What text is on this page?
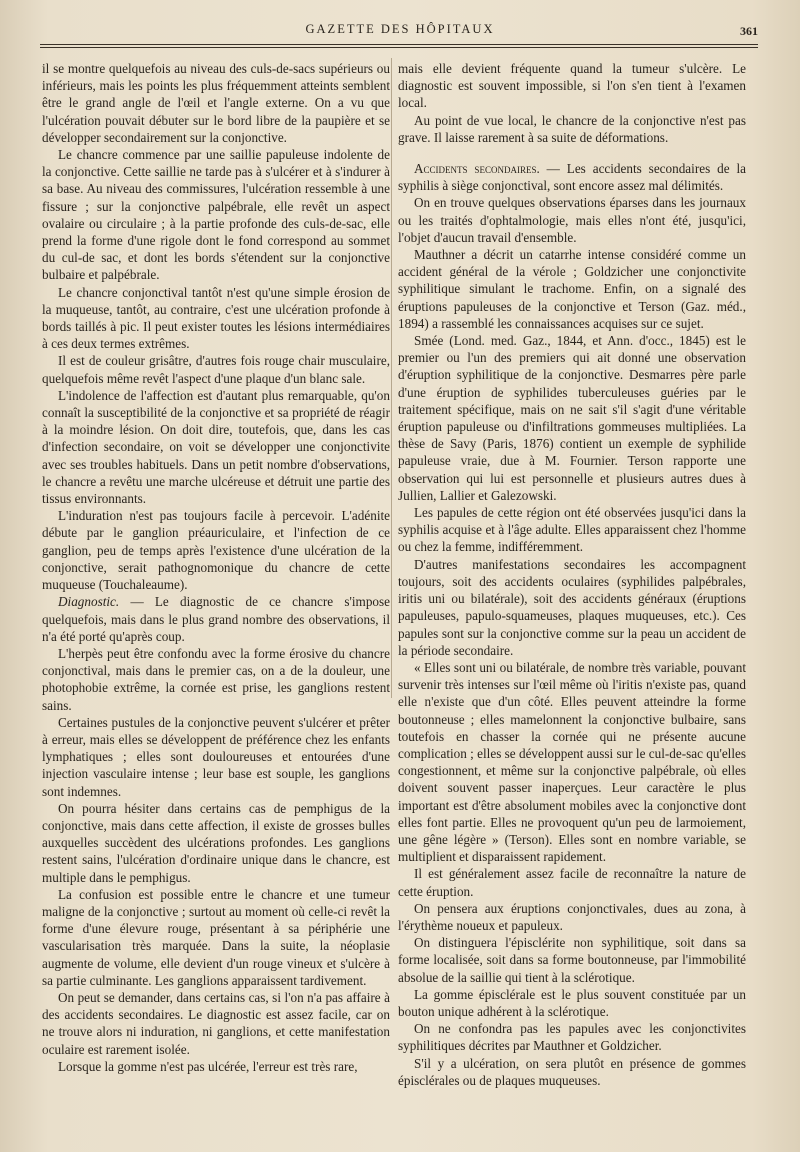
GAZETTE DES HÔPITAUX	361

il se montre quelquefois au niveau des culs-de-sacs supérieurs ou inférieurs, mais les points les plus fréquemment atteints semblent être le grand angle de l'œil et l'angle externe. On a vu que l'ulcération pouvait débuter sur le bord libre de la paupière et se développer secondairement sur la conjonctive.

Le chancre commence par une saillie papuleuse indolente de la conjonctive. Cette saillie ne tarde pas à s'ulcérer et à s'indurer à sa base. Au niveau des commissures, l'ulcération ressemble à une fissure ; sur la conjonctive palpébrale, elle revêt un aspect ovalaire ou circulaire ; à la partie profonde des culs-de-sac, elle prend la forme d'une rigole dont le fond correspond au sommet du cul-de sac, et dont les bords s'étendent sur la conjonctive bulbaire et palpébrale.

Le chancre conjonctival tantôt n'est qu'une simple érosion de la muqueuse, tantôt, au contraire, c'est une ulcération profonde à bords taillés à pic. Il peut exister toutes les lésions intermédiaires à ces deux termes extrêmes.

Il est de couleur grisâtre, d'autres fois rouge chair musculaire, quelquefois même revêt l'aspect d'une plaque d'un blanc sale.

L'indolence de l'affection est d'autant plus remarquable, qu'on connaît la susceptibilité de la conjonctive et sa propriété de réagir à la moindre lésion. On doit dire, toutefois, que, dans les cas d'infection secondaire, on voit se développer une conjonctivite avec ses troubles habituels. Dans un petit nombre d'observations, le chancre a revêtu une marche ulcéreuse et détruit une partie des tissus environnants.

L'induration n'est pas toujours facile à percevoir. L'adénite débute par le ganglion préauriculaire, et l'infection de ce ganglion, peu de temps après l'existence d'une ulcération de la conjonctive, serait pathognomonique du chancre de cette muqueuse (Touchaleaume).

Diagnostic. — Le diagnostic de ce chancre s'impose quelquefois, mais dans le plus grand nombre des observations, il n'a été porté qu'après coup.

L'herpès peut être confondu avec la forme érosive du chancre conjonctival, mais dans le premier cas, on a de la douleur, une photophobie extrême, la cornée est prise, les ganglions restent sains.

Certaines pustules de la conjonctive peuvent s'ulcérer et prêter à erreur, mais elles se développent de préférence chez les enfants lymphatiques ; elles sont douloureuses et entourées d'une injection vasculaire intense ; leur base est souple, les ganglions sont indemnes.

On pourra hésiter dans certains cas de pemphigus de la conjonctive, mais dans cette affection, il existe de grosses bulles auxquelles succèdent des ulcérations profondes. Les ganglions restent sains, l'ulcération d'ordinaire unique dans le chancre, est multiple dans le pemphigus.

La confusion est possible entre le chancre et une tumeur maligne de la conjonctive ; surtout au moment où celle-ci revêt la forme d'une élevure rouge, présentant à sa périphérie une vascularisation très marquée. Dans la suite, la néoplasie augmente de volume, elle devient d'un rouge vineux et s'ulcère à sa partie culminante. Les ganglions apparaissent tardivement.

On peut se demander, dans certains cas, si l'on n'a pas affaire à des accidents secondaires. Le diagnostic est assez facile, car on ne trouve alors ni induration, ni ganglions, et cette manifestation oculaire est rarement isolée.

Lorsque la gomme n'est pas ulcérée, l'erreur est très rare,

mais elle devient fréquente quand la tumeur s'ulcère. Le diagnostic est souvent impossible, si l'on s'en tient à l'examen local.

Au point de vue local, le chancre de la conjonctive n'est pas grave. Il laisse rarement à sa suite de déformations.

Accidents secondaires. — Les accidents secondaires de la syphilis à siège conjonctival, sont encore assez mal délimités.

On en trouve quelques observations éparses dans les journaux ou les traités d'ophtalmologie, mais elles n'ont été, jusqu'ici, l'objet d'aucun travail d'ensemble.

Mauthner a décrit un catarrhe intense considéré comme un accident général de la vérole ; Goldzicher une conjonctivite syphilitique simulant le trachome. Enfin, on a signalé des éruptions papuleuses de la conjonctive et Terson (Gaz. méd., 1894) a rassemblé les connaissances acquises sur ce sujet.

Smée (Lond. med. Gaz., 1844, et Ann. d'occ., 1845) est le premier ou l'un des premiers qui ait donné une observation d'éruption syphilitique de la conjonctive. Desmarres père parle d'une éruption de syphilides tuberculeuses guéries par le traitement spécifique, mais on ne sait s'il s'agit d'une véritable éruption papuleuse ou d'infiltrations gommeuses multipliées. La thèse de Savy (Paris, 1876) contient un exemple de syphilide papuleuse vraie, due à M. Fournier. Terson rapporte une observation qui lui est personnelle et plusieurs autres dues à Jullien, Lallier et Galezowski.

Les papules de cette région ont été observées jusqu'ici dans la syphilis acquise et à l'âge adulte. Elles apparaissent chez l'homme ou chez la femme, indifféremment.

D'autres manifestations secondaires les accompagnent toujours, soit des accidents oculaires (syphilides palpébrales, iritis uni ou bilatérale), soit des accidents généraux (éruptions papuleuses, papulo-squameuses, plaques muqueuses, etc.). Ces papules sont sur la conjonctive comme sur la peau un accident de la période secondaire.

« Elles sont uni ou bilatérale, de nombre très variable, pouvant survenir très intenses sur l'œil même où l'iritis n'existe pas, quand elle n'existe que d'un côté. Elles peuvent atteindre la forme boutonneuse ; elles mamelonnent la conjonctive bulbaire, sans toutefois en chasser la cornée qui ne présente aucune complication ; elles se développent aussi sur le cul-de-sac qu'elles congestionnent, et même sur la conjonctive palpébrale, où elles doivent souvent passer inaperçues. Leur caractère le plus important est d'être absolument mobiles avec la conjonctive dont elles font partie. Elles ne provoquent qu'un peu de larmoiement, une gêne légère » (Terson). Elles sont en nombre variable, se multiplient et disparaissent rapidement.

Il est généralement assez facile de reconnaître la nature de cette éruption.

On pensera aux éruptions conjonctivales, dues au zona, à l'érythème noueux et papuleux.

On distinguera l'épisclérite non syphilitique, soit dans sa forme localisée, soit dans sa forme boutonneuse, par l'immobilité absolue de la saillie qui tient à la sclérotique.

La gomme épisclérale est le plus souvent constituée par un bouton unique adhérent à la sclérotique.

On ne confondra pas les papules avec les conjonctivites syphilitiques décrites par Mauthner et Goldzicher.

S'il y a ulcération, on sera plutôt en présence de gommes épisclérales ou de plaques muqueuses.
